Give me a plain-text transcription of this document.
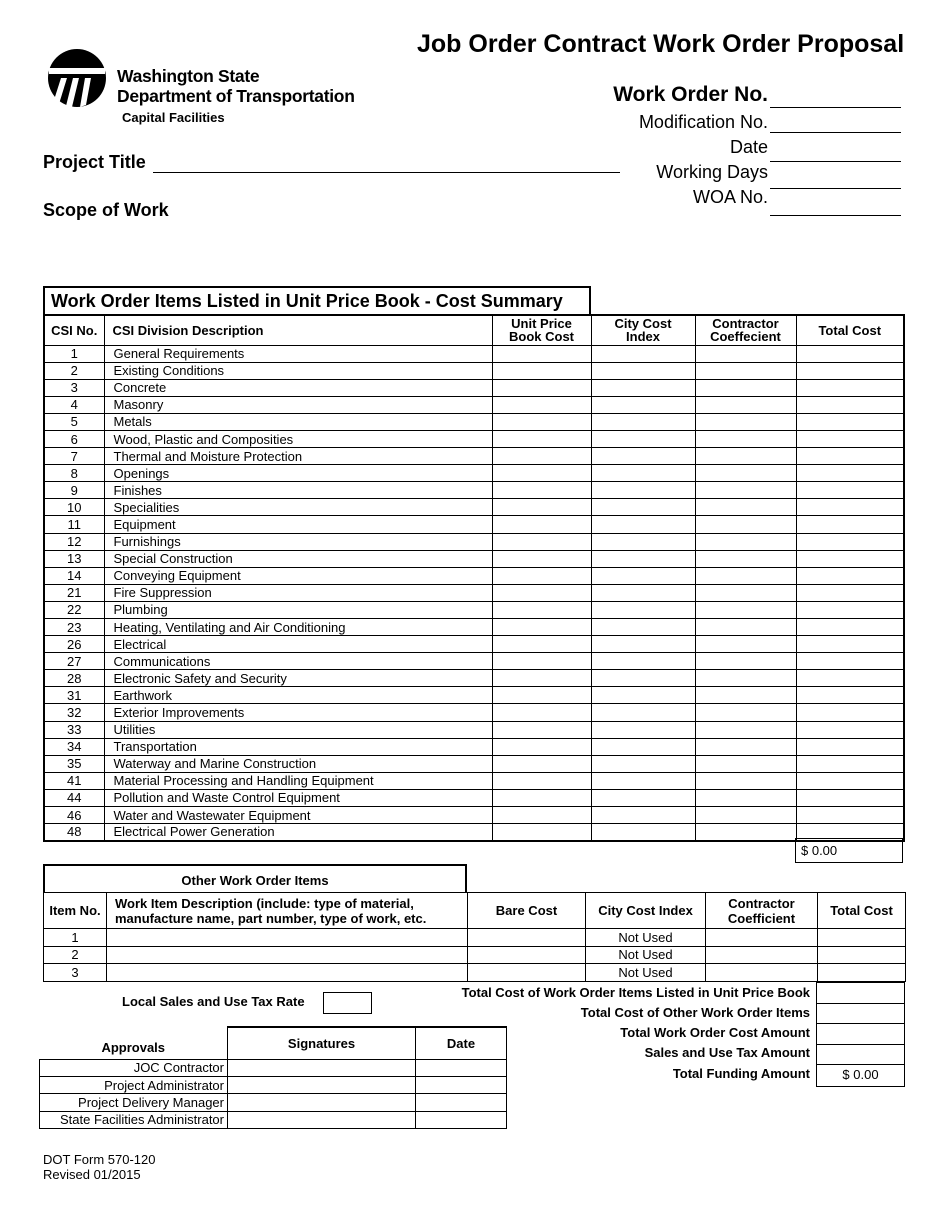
Job Order Contract Work Order Proposal
Washington State
Department of Transportation
Capital Facilities
Work Order No.
Modification No.
Date
Working Days
WOA No.
Project Title
Scope of Work
Work Order Items Listed in Unit Price Book - Cost Summary
CSI No.	CSI Division Description	Unit Price Book Cost	City Cost Index	Contractor Coeffecient	Total Cost
1	General Requirements				
2	Existing Conditions				
3	Concrete				
4	Masonry				
5	Metals				
6	Wood, Plastic and Composities				
7	Thermal and Moisture Protection				
8	Openings				
9	Finishes				
10	Specialities				
11	Equipment				
12	Furnishings				
13	Special Construction				
14	Conveying Equipment				
21	Fire Suppression				
22	Plumbing				
23	Heating, Ventilating and Air Conditioning				
26	Electrical				
27	Communications				
28	Electronic Safety and Security				
31	Earthwork				
32	Exterior Improvements				
33	Utilities				
34	Transportation				
35	Waterway and Marine Construction				
41	Material Processing and Handling Equipment				
44	Pollution and Waste Control Equipment				
46	Water and Wastewater Equipment				
48	Electrical Power Generation				
$ 0.00
Other Work Order Items
Item No.	Work Item Description (include: type of material, manufacture name, part number, type of work, etc.	Bare Cost	City Cost Index	Contractor Coefficient	Total Cost
1			Not Used		
2			Not Used		
3			Not Used		
Local Sales and Use Tax Rate
Total Cost of Work Order Items Listed in Unit Price Book
Total Cost of Other Work Order Items
Total Work Order Cost Amount
Sales and Use Tax Amount
Total Funding Amount	$ 0.00
Approvals	Signatures	Date
JOC Contractor		
Project Administrator		
Project Delivery Manager		
State Facilities Administrator		
DOT Form 570-120
Revised 01/2015
